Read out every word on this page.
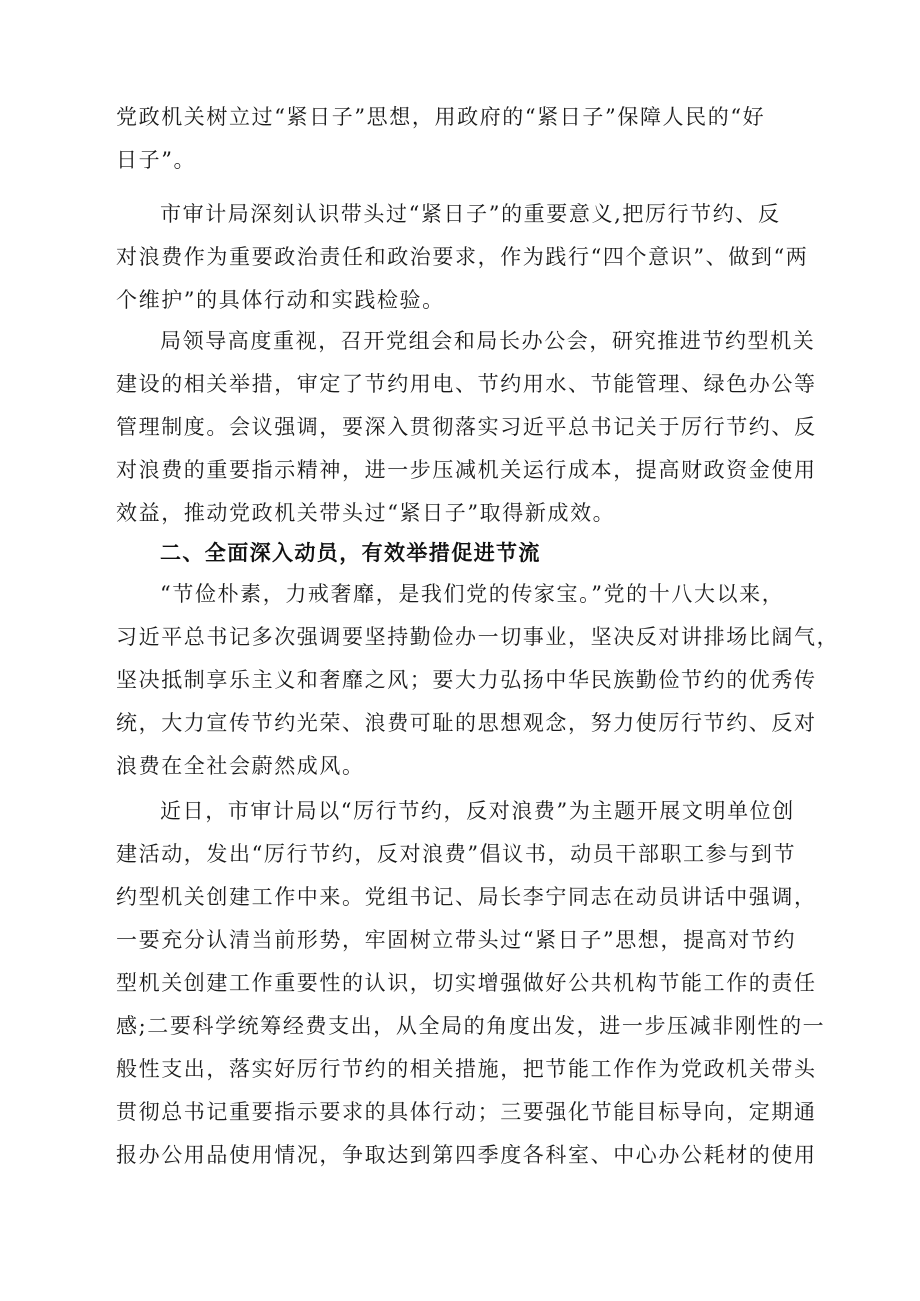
党政机关树立过“紧日子”思想，用政府的“紧日子”保障人民的“好
日子”。
市审计局深刻认识带头过“紧日子”的重要意义,把厉行节约、反
对浪费作为重要政治责任和政治要求，作为践行“四个意识”、做到“两
个维护”的具体行动和实践检验。
局领导高度重视，召开党组会和局长办公会，研究推进节约型机关
建设的相关举措，审定了节约用电、节约用水、节能管理、绿色办公等
管理制度。会议强调，要深入贯彻落实习近平总书记关于厉行节约、反
对浪费的重要指示精神，进一步压减机关运行成本，提高财政资金使用
效益，推动党政机关带头过“紧日子”取得新成效。
二、全面深入动员，有效举措促进节流
“节俭朴素，力戒奢靡，是我们党的传家宝。”党的十八大以来，
习近平总书记多次强调要坚持勤俭办一切事业，坚决反对讲排场比阔气，
坚决抵制享乐主义和奢靡之风；要大力弘扬中华民族勤俭节约的优秀传
统，大力宣传节约光荣、浪费可耻的思想观念，努力使厉行节约、反对
浪费在全社会蔚然成风。
近日，市审计局以“厉行节约，反对浪费”为主题开展文明单位创
建活动，发出“厉行节约，反对浪费”倡议书，动员干部职工参与到节
约型机关创建工作中来。党组书记、局长李宁同志在动员讲话中强调，
一要充分认清当前形势，牢固树立带头过“紧日子”思想，提高对节约
型机关创建工作重要性的认识，切实增强做好公共机构节能工作的责任
感;二要科学统筹经费支出，从全局的角度出发，进一步压减非刚性的一
般性支出，落实好厉行节约的相关措施，把节能工作作为党政机关带头
贯彻总书记重要指示要求的具体行动；三要强化节能目标导向，定期通
报办公用品使用情况，争取达到第四季度各科室、中心办公耗材的使用
